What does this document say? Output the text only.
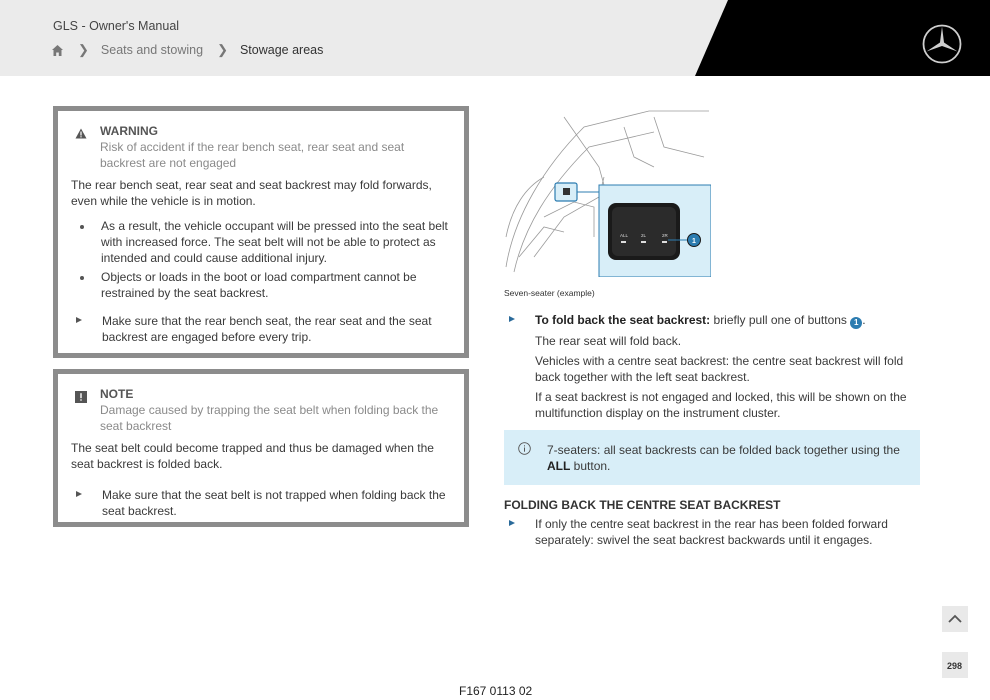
GLS - Owner's Manual
❯ Seats and stowing ❯ Stowage areas
WARNING
Risk of accident if the rear bench seat, rear seat and seat backrest are not engaged

The rear bench seat, rear seat and seat backrest may fold forwards, even while the vehicle is in motion.

As a result, the vehicle occupant will be pressed into the seat belt with increased force. The seat belt will not be able to protect as intended and could cause additional injury.
Objects or loads in the boot or load compartment cannot be restrained by the seat backrest.
Make sure that the rear bench seat, the rear seat and the seat backrest are engaged before every trip.
NOTE
Damage caused by trapping the seat belt when folding back the seat backrest

The seat belt could become trapped and thus be damaged when the seat backrest is folded back.

Make sure that the seat belt is not trapped when folding back the seat backrest.
ALL	2L	2R
1
Seven-seater (example)
To fold back the seat backrest: briefly pull one of buttons 1 .
The rear seat will fold back.
Vehicles with a centre seat backrest: the centre seat backrest will fold back together with the left seat backrest.
If a seat backrest is not engaged and locked, this will be shown on the multifunction display on the instrument cluster.
7-seaters: all seat backrests can be folded back together using the ALL button.
FOLDING BACK THE CENTRE SEAT BACKREST
If only the centre seat backrest in the rear has been folded forward separately: swivel the seat backrest backwards until it engages.
298
F167 0113 02
